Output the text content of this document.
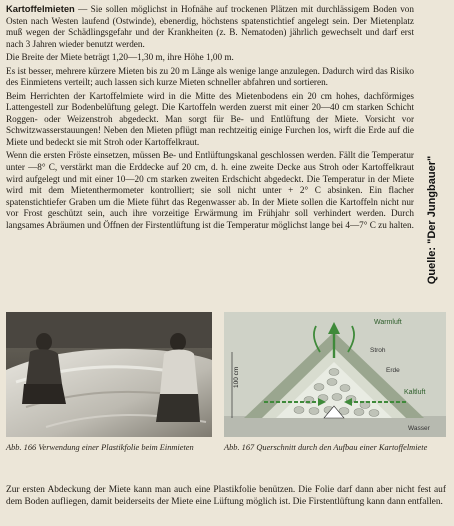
Kartoffelmieten — Sie sollen möglichst in Hofnähe auf trockenen Plätzen mit durchlässigem Boden von Osten nach Westen laufend (Ostwinde), ebenerdig, höchstens spatenstichtief angelegt sein. Der Mietenplatz muß wegen der Schädlingsgefahr und der Krankheiten (z. B. Nematoden) jährlich gewechselt und darf erst nach 3 Jahren wieder benutzt werden.

Die Breite der Miete beträgt 1,20—1,30 m, ihre Höhe 1,00 m.

Es ist besser, mehrere kürzere Mieten bis zu 20 m Länge als wenige lange anzulegen. Dadurch wird das Risiko des Einmietens verteilt; auch lassen sich kurze Mieten schneller abfahren und sortieren.

Beim Herrichten der Kartoffelmiete wird in die Mitte des Mietenbodens ein 20 cm hohes, dachförmiges Lattengestell zur Bodenbelüftung gelegt. Die Kartoffeln werden zuerst mit einer 20—40 cm starken Schicht Roggen- oder Weizenstroh abgedeckt. Man sorgt für Be- und Entlüftung der Miete. Vorsicht vor Schwitzwasserstauungen! Neben den Mieten pflügt man rechtzeitig einige Furchen los, wirft die Erde auf die Miete und bedeckt sie mit Stroh oder Kartoffelkraut.

Wenn die ersten Fröste einsetzen, müssen Be- und Entlüftungskanal geschlossen werden. Fällt die Temperatur unter —8° C, verstärkt man die Erddecke auf 20 cm, d. h. eine zweite Decke aus Stroh oder Kartoffelkraut wird aufgelegt und mit einer 10—20 cm starken zweiten Erdschicht abgedeckt. Die Temperatur in der Miete wird mit dem Mietenthermometer kontrolliert; sie soll nicht unter + 2° C absinken. Ein flacher spatenstichtiefer Graben um die Miete führt das Regenwasser ab. In der Miete sollen die Kartoffeln nicht nur vor Frost geschützt sein, auch ihre vorzeitige Erwärmung im Frühjahr soll verhindert werden. Durch langsames Abräumen und Öffnen der Firstentlüftung ist die Temperatur möglichst lange bei 4—7° C zu halten. Quelle: "Der Jungbauer"
100 cm
Warmluft
Stroh
Erde
Kaltluft
Wasser
Abb. 166 Verwendung einer Plastikfolie beim Einmieten	Abb. 167 Querschnitt durch den Aufbau einer Kartoffelmiete

Zur ersten Abdeckung der Miete kann man auch eine Plastikfolie benützen. Die Folie darf dann aber nicht fest auf dem Boden aufliegen, damit beiderseits der Miete eine Lüftung möglich ist. Die Firstentlüftung kann dann entfallen.
